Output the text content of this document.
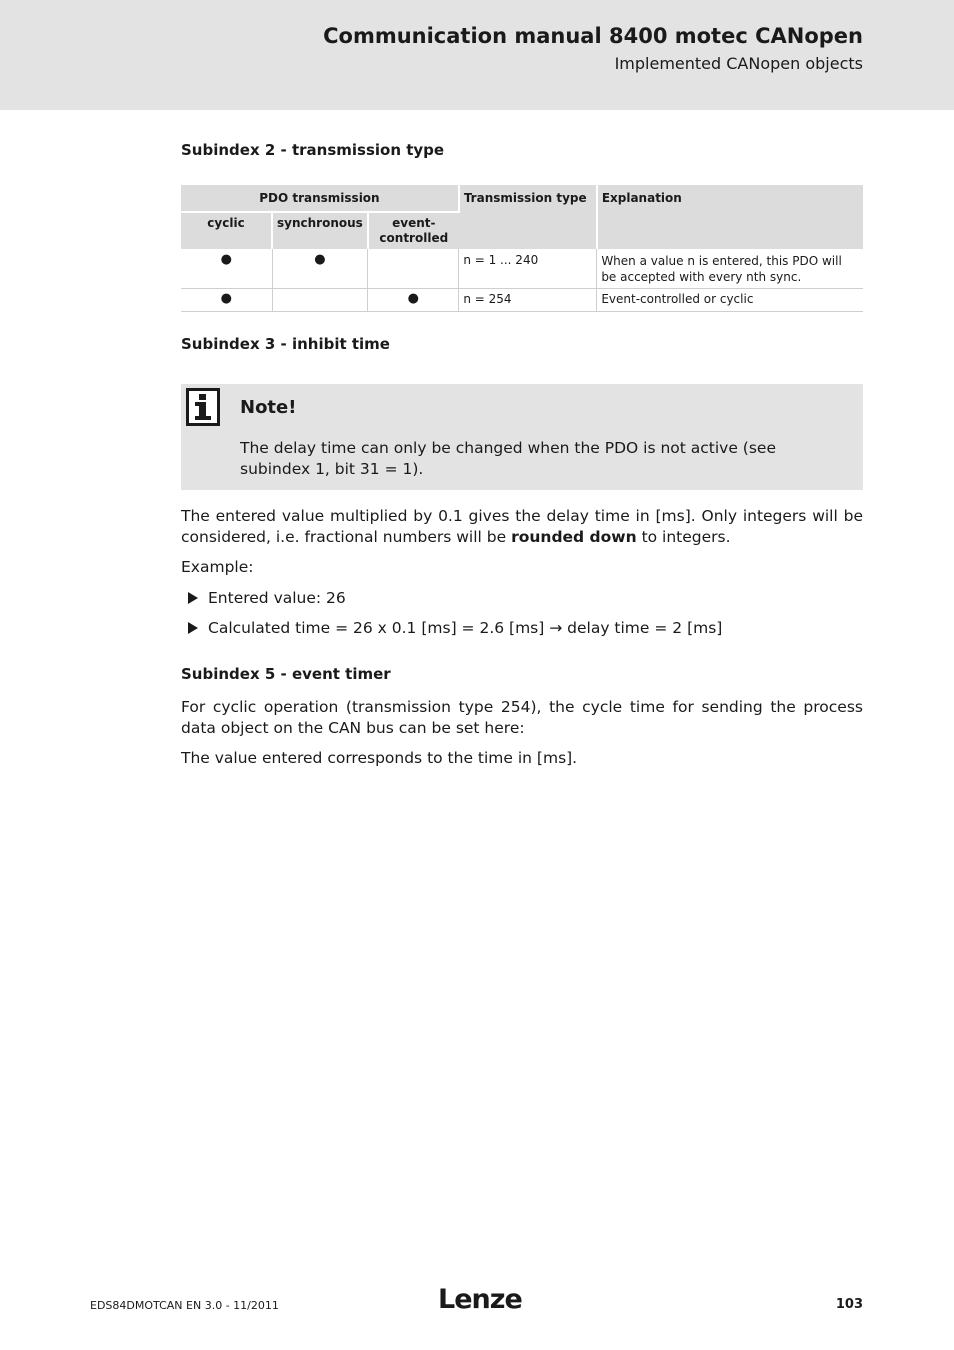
Communication manual 8400 motec CANopen
Implemented CANopen objects
Subindex 2 - transmission type
PDO transmission			Transmission type	Explanation
cyclic	synchronous	event-
controlled		
●	●		n = 1 ... 240	When a value n is entered, this PDO will be accepted with every nth sync.
●		●	n = 254	Event-controlled or cyclic
Subindex 3 - inhibit time
Note!
The delay time can only be changed when the PDO is not active (see subindex 1, bit 31 = 1).
The entered value multiplied by 0.1 gives the delay time in [ms]. Only integers will be considered, i.e. fractional numbers will be rounded down to integers.
Example:
Entered value: 26
Calculated time = 26 x 0.1 [ms] = 2.6 [ms] → delay time = 2 [ms]
Subindex 5 - event timer
For cyclic operation (transmission type 254), the cycle time for sending the process data object on the CAN bus can be set here:
The value entered corresponds to the time in [ms].
EDS84DMOTCAN EN 3.0 - 11/2011	Lenze	103
